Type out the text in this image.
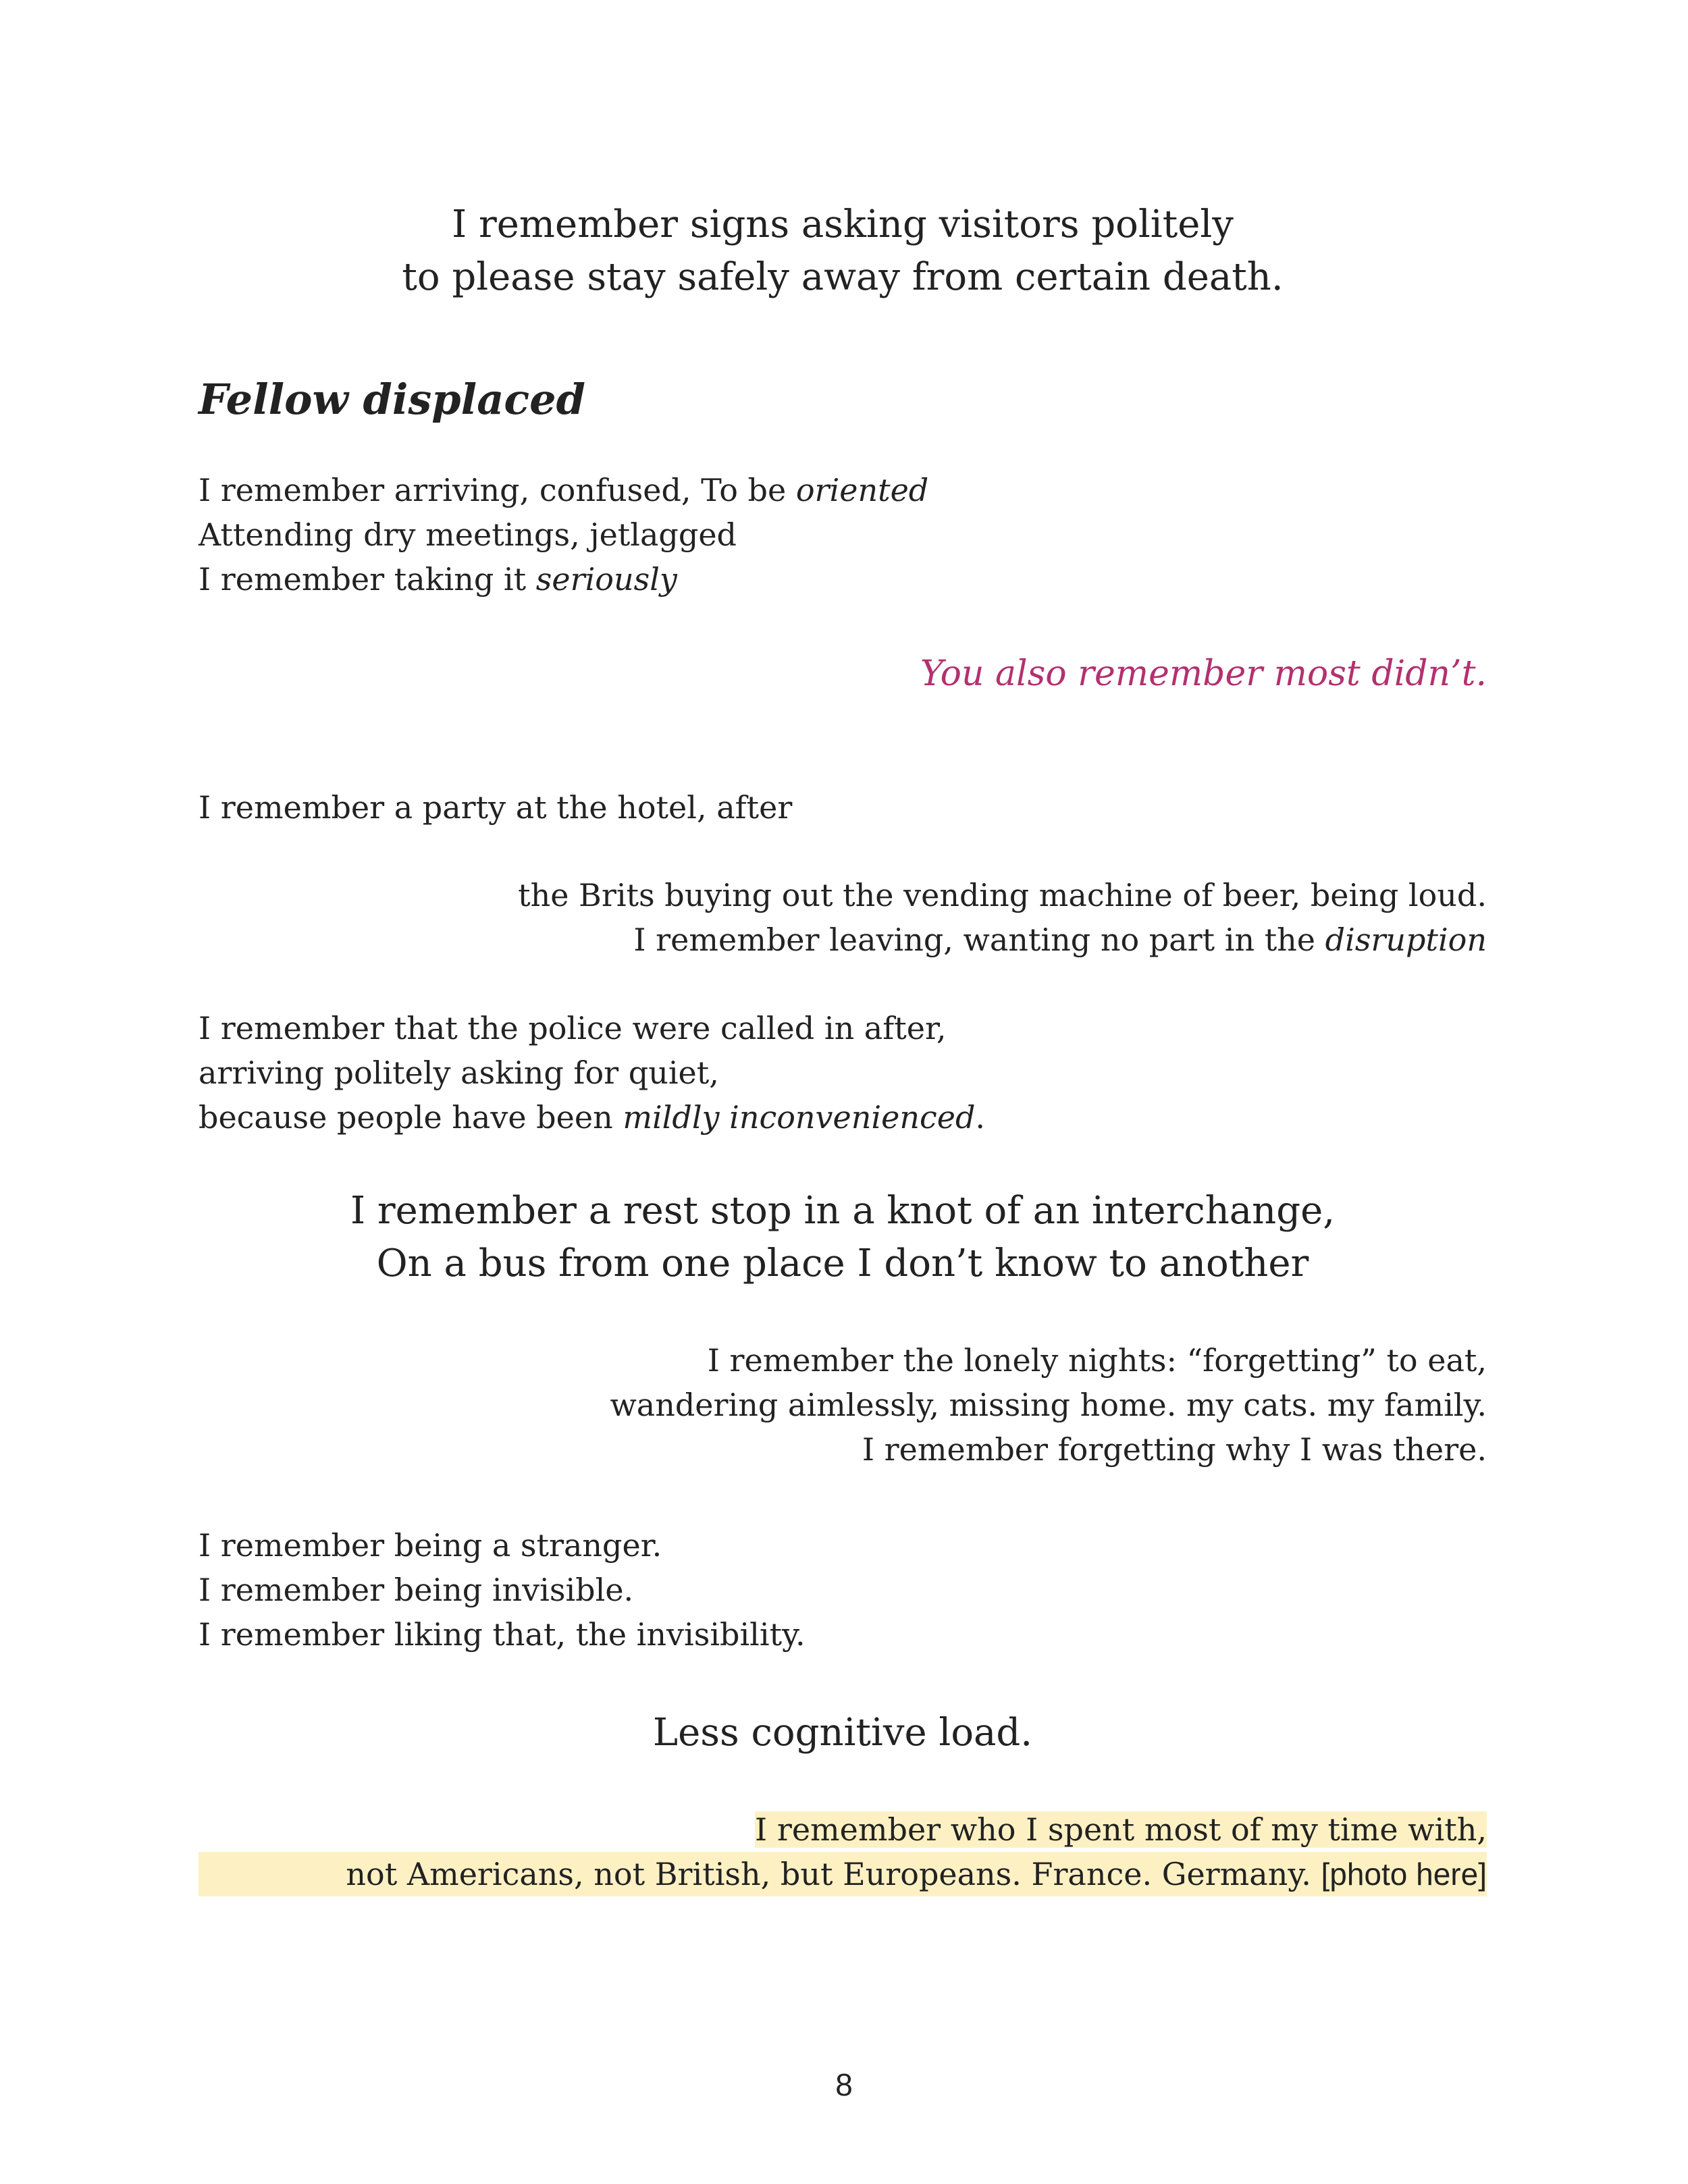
I remember signs asking visitors politely
to please stay safely away from certain death.
Fellow displaced
I remember arriving, confused, To be oriented
Attending dry meetings, jetlagged
I remember taking it seriously
You also remember most didn’t.
I remember a party at the hotel, after
the Brits buying out the vending machine of beer, being loud.
I remember leaving, wanting no part in the disruption
I remember that the police were called in after,
arriving politely asking for quiet,
because people have been mildly inconvenienced.
I remember a rest stop in a knot of an interchange,
On a bus from one place I don’t know to another
I remember the lonely nights: “forgetting” to eat,
wandering aimlessly, missing home. my cats. my family.
I remember forgetting why I was there.
I remember being a stranger.
I remember being invisible.
I remember liking that, the invisibility.
Less cognitive load.
I remember who I spent most of my time with,
not Americans, not British, but Europeans. France. Germany. [photo here]
8
